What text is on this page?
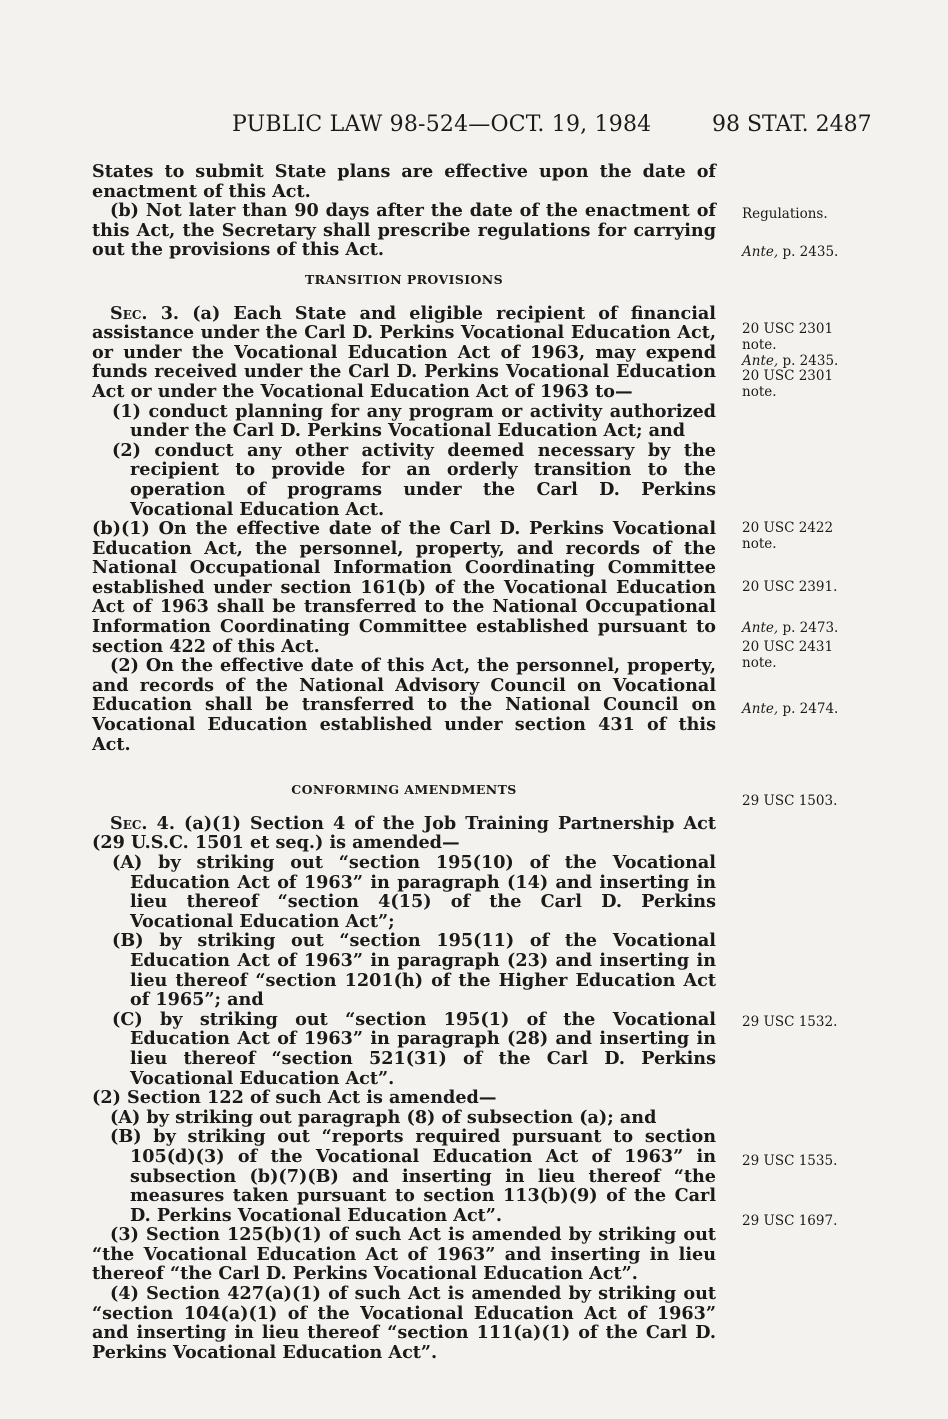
PUBLIC LAW 98-524—OCT. 19, 1984	98 STAT. 2487

States to submit State plans are effective upon the date of enactment of this Act.

(b) Not later than 90 days after the date of the enactment of this Act, the Secretary shall prescribe regulations for carrying out the provisions of this Act.

TRANSITION PROVISIONS

Sec. 3. (a) Each State and eligible recipient of financial assistance under the Carl D. Perkins Vocational Education Act, or under the Vocational Education Act of 1963, may expend funds received under the Carl D. Perkins Vocational Education Act or under the Vocational Education Act of 1963 to—

(1) conduct planning for any program or activity authorized under the Carl D. Perkins Vocational Education Act; and

(2) conduct any other activity deemed necessary by the recipient to provide for an orderly transition to the operation of programs under the Carl D. Perkins Vocational Education Act.

(b)(1) On the effective date of the Carl D. Perkins Vocational Education Act, the personnel, property, and records of the National Occupational Information Coordinating Committee established under section 161(b) of the Vocational Education Act of 1963 shall be transferred to the National Occupational Information Coordinating Committee established pursuant to section 422 of this Act.

(2) On the effective date of this Act, the personnel, property, and records of the National Advisory Council on Vocational Education shall be transferred to the National Council on Vocational Education established under section 431 of this Act.

CONFORMING AMENDMENTS

Sec. 4. (a)(1) Section 4 of the Job Training Partnership Act (29 U.S.C. 1501 et seq.) is amended—

(A) by striking out “section 195(10) of the Vocational Education Act of 1963” in paragraph (14) and inserting in lieu thereof “section 4(15) of the Carl D. Perkins Vocational Education Act”;

(B) by striking out “section 195(11) of the Vocational Education Act of 1963” in paragraph (23) and inserting in lieu thereof “section 1201(h) of the Higher Education Act of 1965”; and

(C) by striking out “section 195(1) of the Vocational Education Act of 1963” in paragraph (28) and inserting in lieu thereof “section 521(31) of the Carl D. Perkins Vocational Education Act”.

(2) Section 122 of such Act is amended—

(A) by striking out paragraph (8) of subsection (a); and

(B) by striking out “reports required pursuant to section 105(d)(3) of the Vocational Education Act of 1963” in subsection (b)(7)(B) and inserting in lieu thereof “the measures taken pursuant to section 113(b)(9) of the Carl D. Perkins Vocational Education Act”.

(3) Section 125(b)(1) of such Act is amended by striking out “the Vocational Education Act of 1963” and inserting in lieu thereof “the Carl D. Perkins Vocational Education Act”.

(4) Section 427(a)(1) of such Act is amended by striking out “section 104(a)(1) of the Vocational Education Act of 1963” and inserting in lieu thereof “section 111(a)(1) of the Carl D. Perkins Vocational Education Act”.

Regulations.
Ante, p. 2435.
20 USC 2301
note.
Ante, p. 2435.
20 USC 2301
note.
20 USC 2422
note.
20 USC 2391.
Ante, p. 2473.
20 USC 2431
note.
Ante, p. 2474.
29 USC 1503.
29 USC 1532.
29 USC 1535.
29 USC 1697.
